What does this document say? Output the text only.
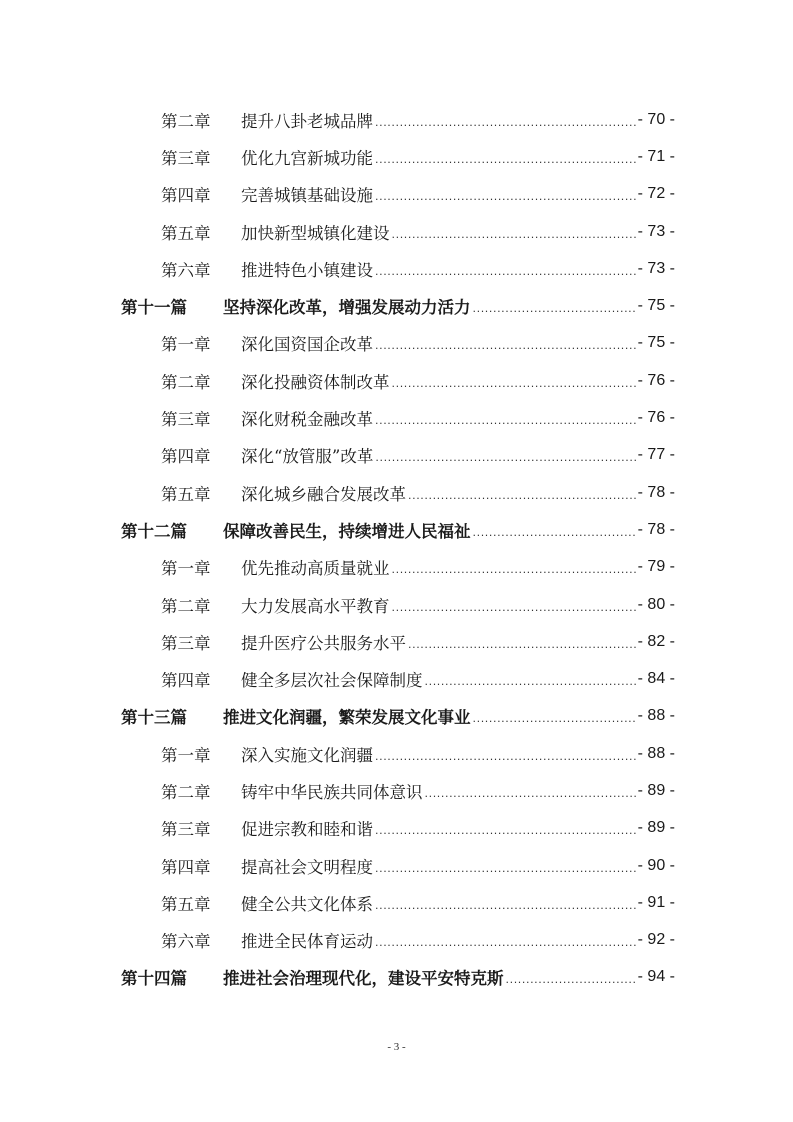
第二章	提升八卦老城品牌 .....	- 70 -
第三章	优化九宫新城功能 .....	- 71 -
第四章	完善城镇基础设施 .....	- 72 -
第五章	加快新型城镇化建设 .....	- 73 -
第六章	推进特色小镇建设 .....	- 73 -
第十一篇	坚持深化改革，增强发展动力活力 .....	- 75 -
第一章	深化国资国企改革 .....	- 75 -
第二章	深化投融资体制改革 .....	- 76 -
第三章	深化财税金融改革 .....	- 76 -
第四章	深化“放管服”改革 .....	- 77 -
第五章	深化城乡融合发展改革 .....	- 78 -
第十二篇	保障改善民生，持续增进人民福祉 .....	- 78 -
第一章	优先推动高质量就业 .....	- 79 -
第二章	大力发展高水平教育 .....	- 80 -
第三章	提升医疗公共服务水平 .....	- 82 -
第四章	健全多层次社会保障制度 .....	- 84 -
第十三篇	推进文化润疆，繁荣发展文化事业 .....	- 88 -
第一章	深入实施文化润疆 .....	- 88 -
第二章	铸牢中华民族共同体意识 .....	- 89 -
第三章	促进宗教和睦和谐 .....	- 89 -
第四章	提高社会文明程度 .....	- 90 -
第五章	健全公共文化体系 .....	- 91 -
第六章	推进全民体育运动 .....	- 92 -
第十四篇	推进社会治理现代化，建设平安特克斯 .....	- 94 -
- 3 -
